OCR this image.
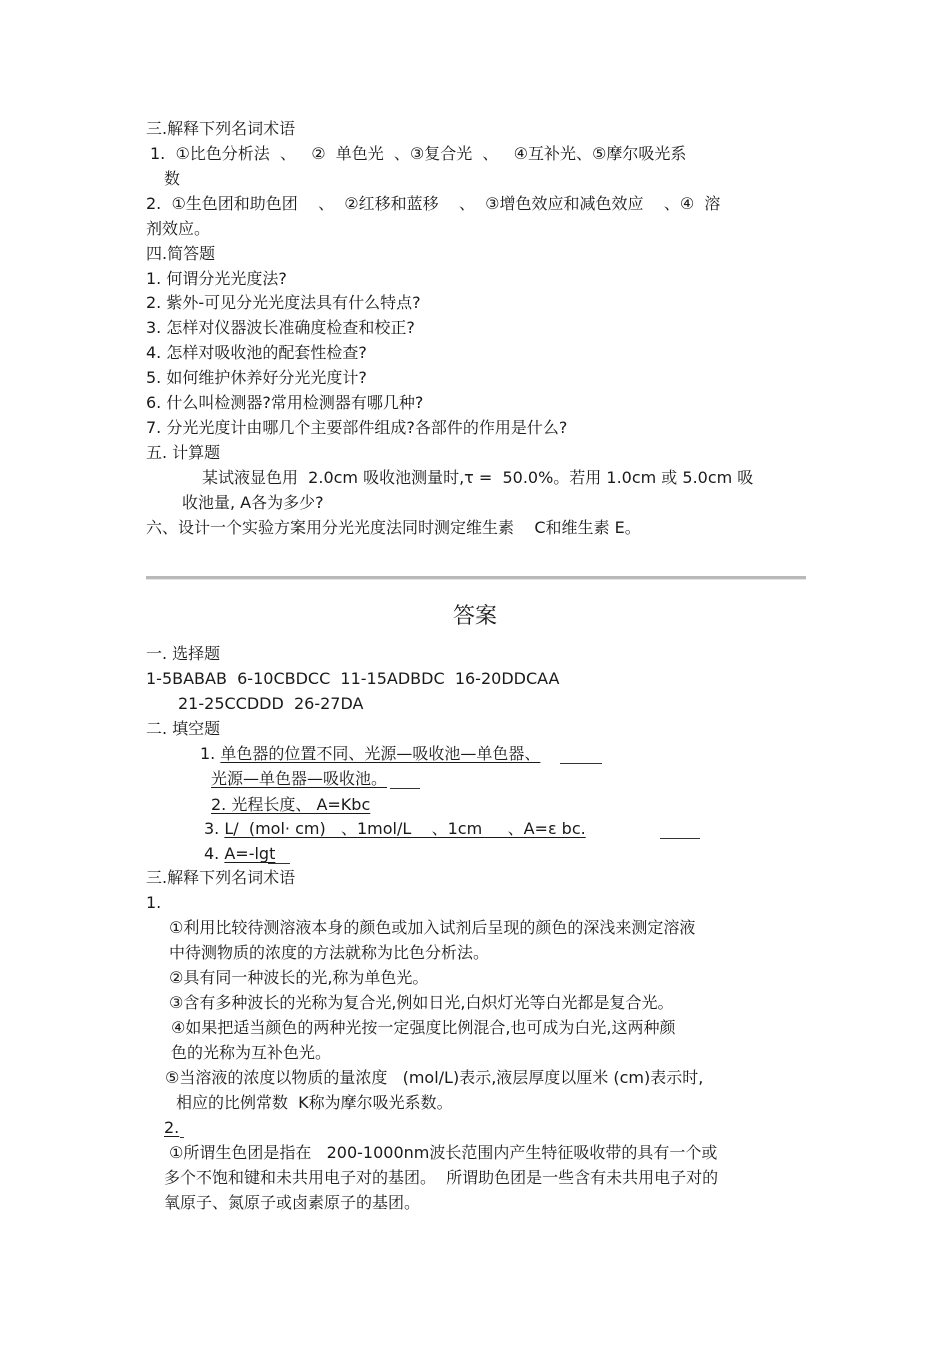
三.解释下列名词术语
1.  ①比色分析法  、   ②  单色光  、③复合光  、   ④互补光、⑤摩尔吸光系
数
2.  ①生色团和助色团    、  ②红移和蓝移    、  ③增色效应和减色效应    、④  溶
剂效应。
四.简答题
1. 何谓分光光度法?
2. 紫外-可见分光光度法具有什么特点?
3. 怎样对仪器波长准确度检查和校正?
4. 怎样对吸收池的配套性检查?
5. 如何维护休养好分光光度计?
6. 什么叫检测器?常用检测器有哪几种?
7. 分光光度计由哪几个主要部件组成?各部件的作用是什么?
五. 计算题
某试液显色用  2.0cm 吸收池测量时,τ =  50.0%。若用 1.0cm 或 5.0cm 吸
收池量, A各为多少?
六、设计一个实验方案用分光光度法同时测定维生素    C和维生素 E。
答案
一. 选择题
1-5BABAB  6-10CBDCC  11-15ADBDC  16-20DDCAA
21-25CCDDD  26-27DA
二. 填空题
1. 单色器的位置不同、光源—吸收池—单色器、
光源—单色器—吸收池。
2. 光程长度、 A=Kbc
3. L/  (mol· cm)   、1mol/L    、1cm     、A=ε bc.
4. A=-lgt
三.解释下列名词术语
1.
①利用比较待测溶液本身的颜色或加入试剂后呈现的颜色的深浅来测定溶液
中待测物质的浓度的方法就称为比色分析法。
②具有同一种波长的光,称为单色光。
③含有多种波长的光称为复合光,例如日光,白炽灯光等白光都是复合光。
④如果把适当颜色的两种光按一定强度比例混合,也可成为白光,这两种颜
色的光称为互补色光。
⑤当溶液的浓度以物质的量浓度   (mol/L)表示,液层厚度以厘米 (cm)表示时,
相应的比例常数  K称为摩尔吸光系数。
2.
①所谓生色团是指在   200-1000nm波长范围内产生特征吸收带的具有一个或
多个不饱和键和未共用电子对的基团。  所谓助色团是一些含有未共用电子对的
氧原子、氮原子或卤素原子的基团。
